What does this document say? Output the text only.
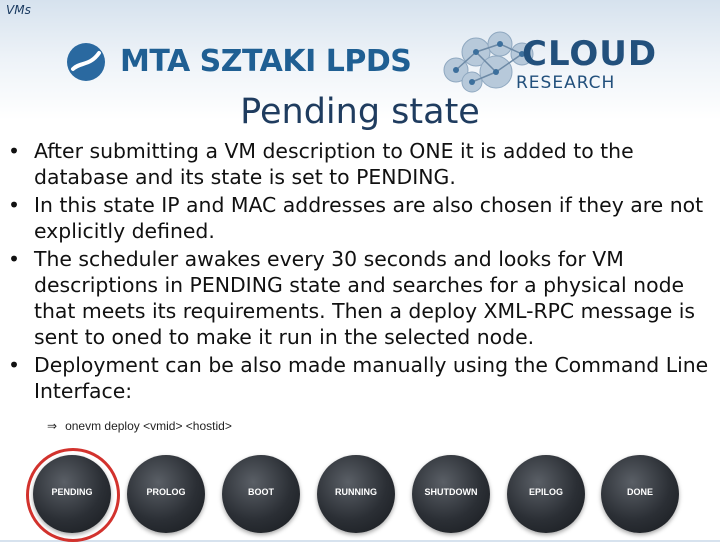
VMs
MTA SZTAKI LPDS	CLOUD
RESEARCH
Pending state
• After submitting a VM description to ONE it is added to the database and its state is set to PENDING.
• In this state IP and MAC addresses are also chosen if they are not explicitly defined.
• The scheduler awakes every 30 seconds and looks for VM descriptions in PENDING state and searches for a physical node that meets its requirements. Then a deploy XML-RPC message is sent to oned to make it run in the selected node.
• Deployment can be also made manually using the Command Line Interface:
⇒ onevm deploy <vmid> <hostid>
PENDING	PROLOG	BOOT	RUNNING	SHUTDOWN	EPILOG	DONE
